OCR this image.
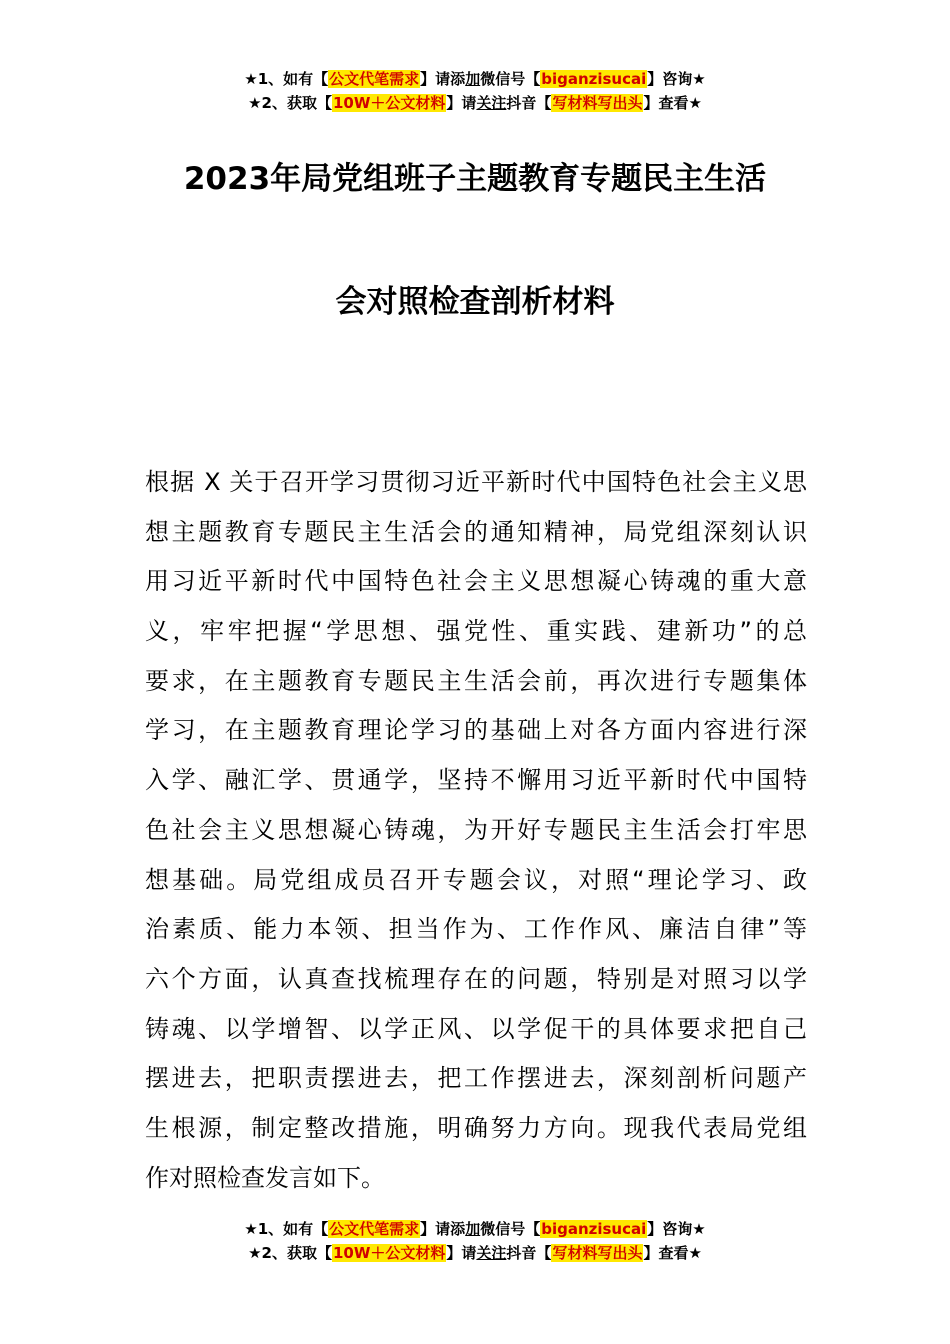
★1、如有【公文代笔需求】请添加微信号【biganzisucai】咨询★
★2、获取【10W＋公文材料】请关注抖音【写材料写出头】查看★
2023年局党组班子主题教育专题民主生活
会对照检查剖析材料
根据 X 关于召开学习贯彻习近平新时代中国特色社会主义思
想主题教育专题民主生活会的通知精神，局党组深刻认识
用习近平新时代中国特色社会主义思想凝心铸魂的重大意
义，牢牢把握“学思想、强党性、重实践、建新功”的总
要求，在主题教育专题民主生活会前，再次进行专题集体
学习，在主题教育理论学习的基础上对各方面内容进行深
入学、融汇学、贯通学，坚持不懈用习近平新时代中国特
色社会主义思想凝心铸魂，为开好专题民主生活会打牢思
想基础。局党组成员召开专题会议，对照“理论学习、政
治素质、能力本领、担当作为、工作作风、廉洁自律”等
六个方面，认真查找梳理存在的问题，特别是对照习以学
铸魂、以学增智、以学正风、以学促干的具体要求把自己
摆进去，把职责摆进去，把工作摆进去，深刻剖析问题产
生根源，制定整改措施，明确努力方向。现我代表局党组
作对照检查发言如下。
★1、如有【公文代笔需求】请添加微信号【biganzisucai】咨询★
★2、获取【10W＋公文材料】请关注抖音【写材料写出头】查看★
